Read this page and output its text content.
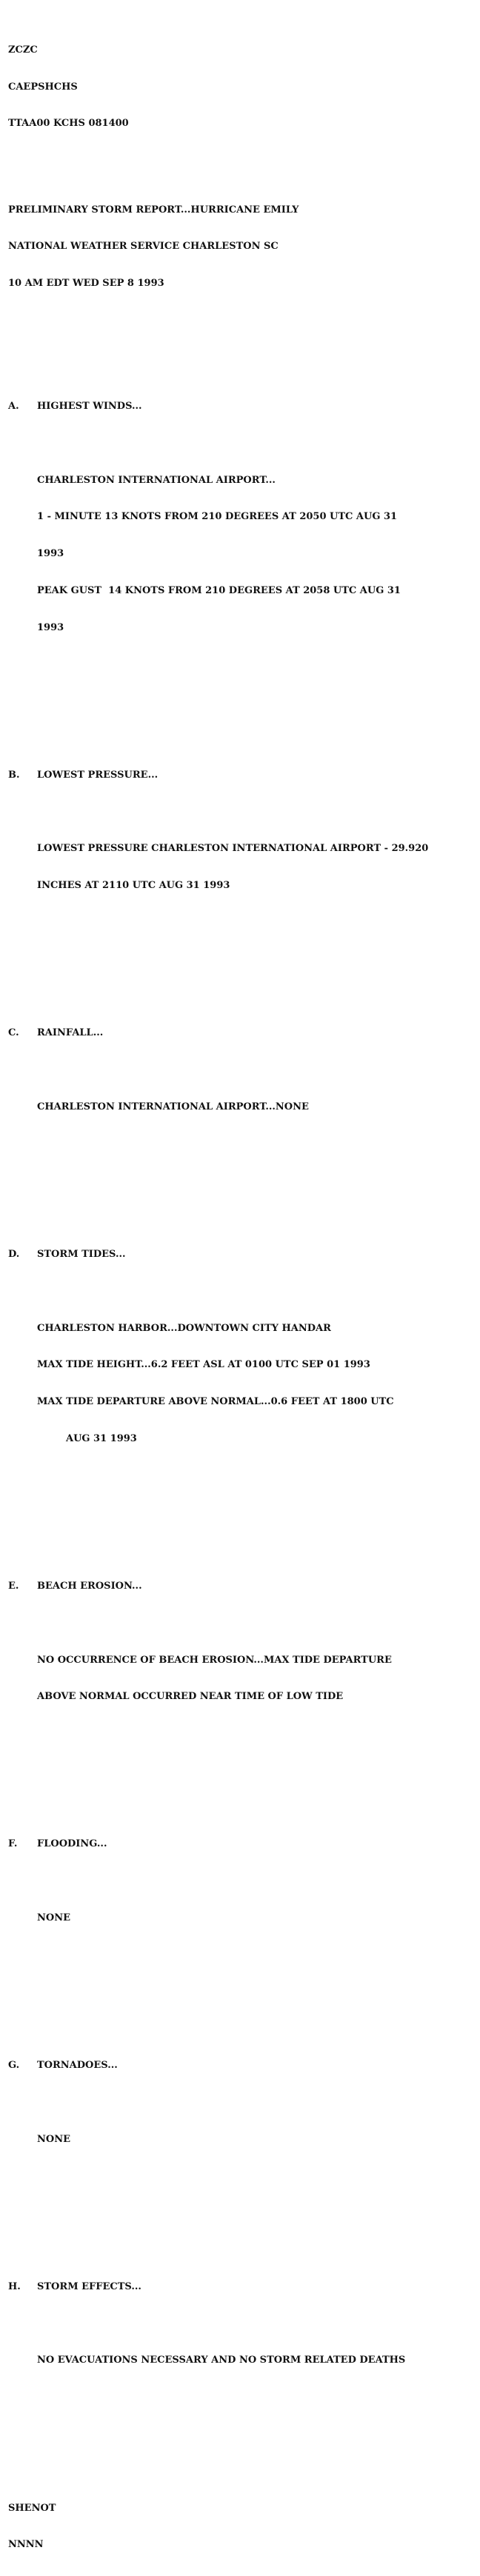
ZCZC

CAEPSHCHS

TTAA00 KCHS 081400

PRELIMINARY STORM REPORT...HURRICANE EMILY

NATIONAL WEATHER SERVICE CHARLESTON SC

10 AM EDT WED SEP 8 1993

A. HIGHEST WINDS...

CHARLESTON INTERNATIONAL AIRPORT...

1 - MINUTE 13 KNOTS FROM 210 DEGREES AT 2050 UTC AUG 31

1993

PEAK GUST  14 KNOTS FROM 210 DEGREES AT 2058 UTC AUG 31

1993

B. LOWEST PRESSURE...

LOWEST PRESSURE CHARLESTON INTERNATIONAL AIRPORT - 29.920

INCHES AT 2110 UTC AUG 31 1993

C. RAINFALL...

CHARLESTON INTERNATIONAL AIRPORT...NONE

D. STORM TIDES...

CHARLESTON HARBOR...DOWNTOWN CITY HANDAR

MAX TIDE HEIGHT...6.2 FEET ASL AT 0100 UTC SEP 01 1993

MAX TIDE DEPARTURE ABOVE NORMAL...0.6 FEET AT 1800 UTC

AUG 31 1993

E. BEACH EROSION...

NO OCCURRENCE OF BEACH EROSION...MAX TIDE DEPARTURE

ABOVE NORMAL OCCURRED NEAR TIME OF LOW TIDE

F. FLOODING...

NONE

G. TORNADOES...

NONE

H. STORM EFFECTS...

NO EVACUATIONS NECESSARY AND NO STORM RELATED DEATHS

SHENOT

NNNN
